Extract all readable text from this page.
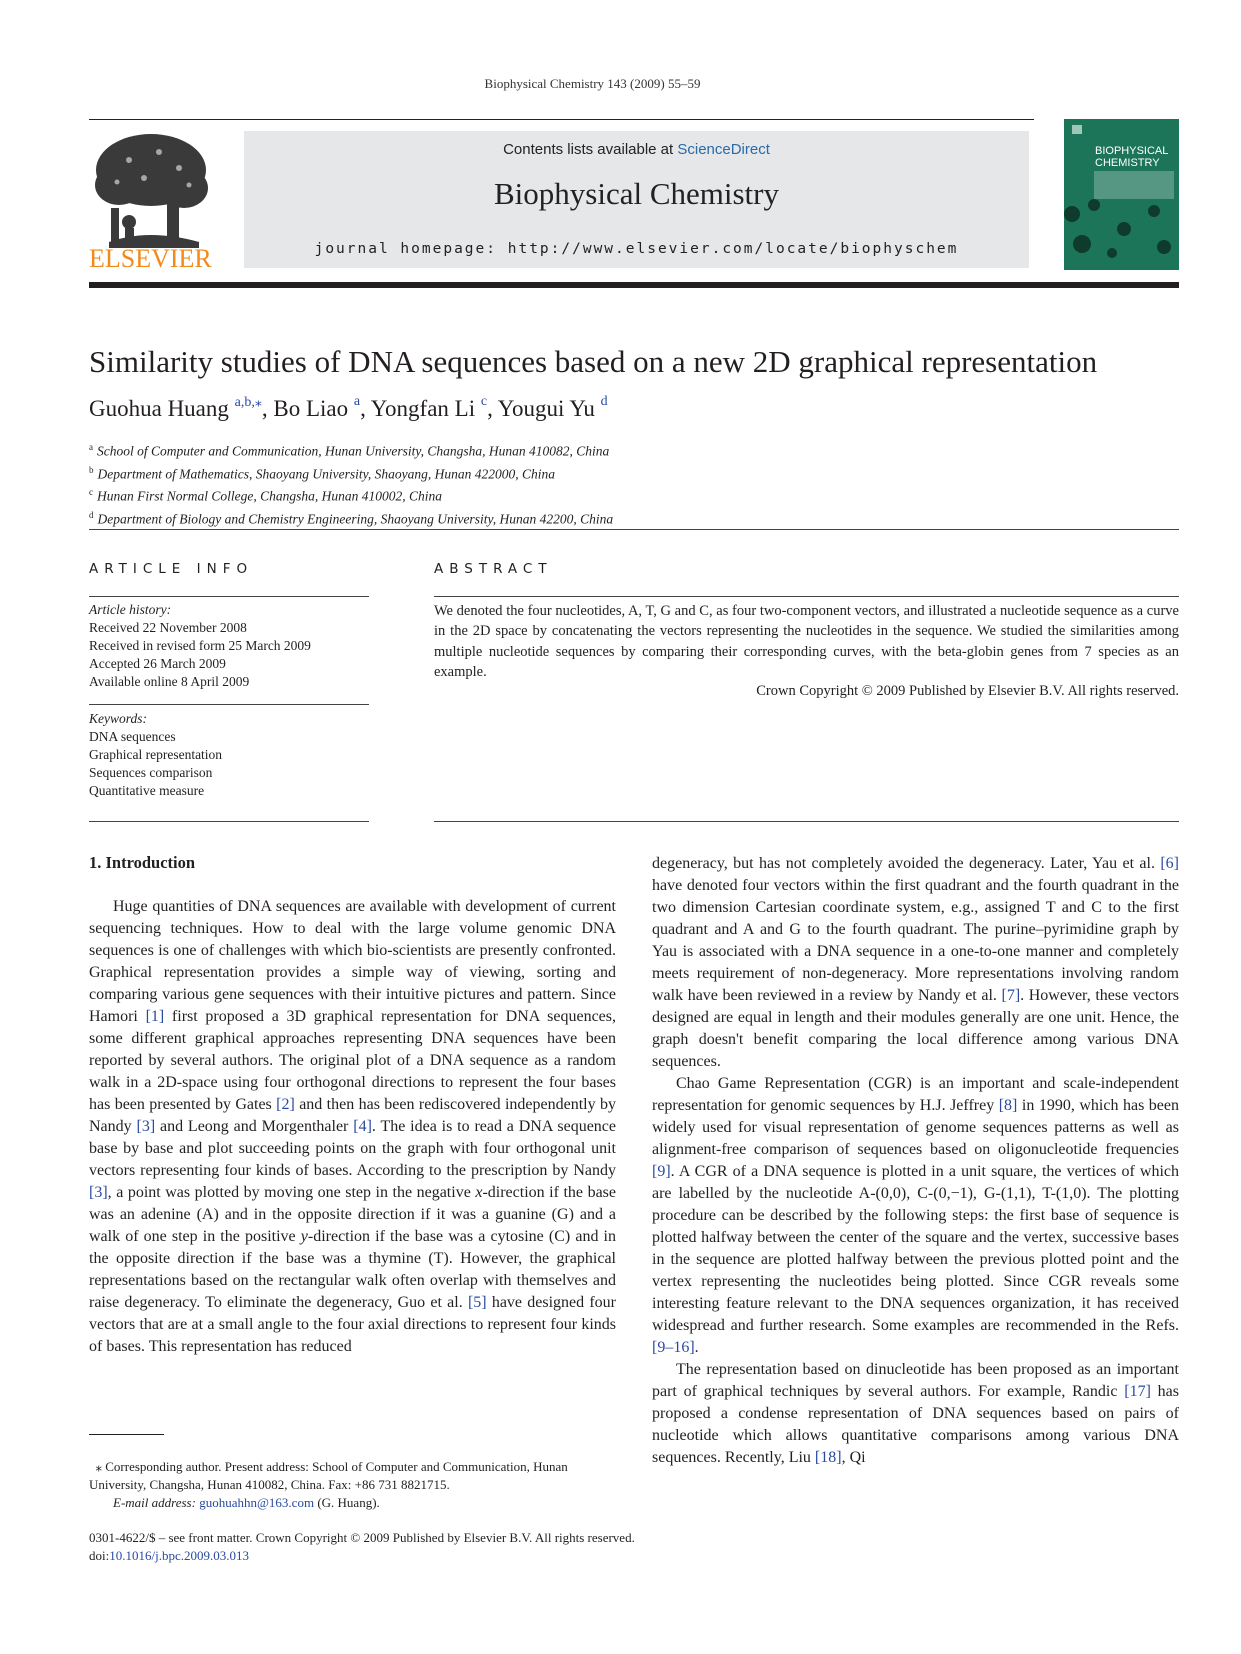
Biophysical Chemistry 143 (2009) 55–59
ELSEVIER
Contents lists available at ScienceDirect
Biophysical Chemistry
journal homepage: http://www.elsevier.com/locate/biophyschem
BIOPHYSICAL
CHEMISTRY
Similarity studies of DNA sequences based on a new 2D graphical representation
Guohua Huang $^{a,b,⁎}$, Bo Liao $^a$, Yongfan Li $^c$, Yougui Yu $^d$
$^a$ School of Computer and Communication, Hunan University, Changsha, Hunan 410082, China
$^b$ Department of Mathematics, Shaoyang University, Shaoyang, Hunan 422000, China
$^c$ Hunan First Normal College, Changsha, Hunan 410002, China
$^d$ Department of Biology and Chemistry Engineering, Shaoyang University, Hunan 42200, China
ARTICLE INFO	ABSTRACT
Article history:
Received 22 November 2008
Received in revised form 25 March 2009
Accepted 26 March 2009
Available online 8 April 2009
Keywords:
DNA sequences
Graphical representation
Sequences comparison
Quantitative measure
We denoted the four nucleotides, A, T, G and C, as four two-component vectors, and illustrated a nucleotide sequence as a curve in the 2D space by concatenating the vectors representing the nucleotides in the sequence. We studied the similarities among multiple nucleotide sequences by comparing their corresponding curves, with the beta-globin genes from 7 species as an example.
Crown Copyright © 2009 Published by Elsevier B.V. All rights reserved.
1. Introduction

Huge quantities of DNA sequences are available with development of current sequencing techniques. How to deal with the large volume genomic DNA sequences is one of challenges with which bio-scientists are presently confronted. Graphical representation provides a simple way of viewing, sorting and comparing various gene sequences with their intuitive pictures and pattern. Since Hamori [1] first proposed a 3D graphical representation for DNA sequences, some different graphical approaches representing DNA sequences have been reported by several authors. The original plot of a DNA sequence as a random walk in a 2D-space using four orthogonal directions to represent the four bases has been presented by Gates [2] and then has been rediscovered independently by Nandy [3] and Leong and Morgenthaler [4]. The idea is to read a DNA sequence base by base and plot succeeding points on the graph with four orthogonal unit vectors representing four kinds of bases. According to the prescription by Nandy [3], a point was plotted by moving one step in the negative x-direction if the base was an adenine (A) and in the opposite direction if it was a guanine (G) and a walk of one step in the positive y-direction if the base was a cytosine (C) and in the opposite direction if the base was a thymine (T). However, the graphical representations based on the rectangular walk often overlap with themselves and raise degeneracy. To eliminate the degeneracy, Guo et al. [5] have designed four vectors that are at a small angle to the four axial directions to represent four kinds of bases. This representation has reduced

degeneracy, but has not completely avoided the degeneracy. Later, Yau et al. [6] have denoted four vectors within the first quadrant and the fourth quadrant in the two dimension Cartesian coordinate system, e.g., assigned T and C to the first quadrant and A and G to the fourth quadrant. The purine–pyrimidine graph by Yau is associated with a DNA sequence in a one-to-one manner and completely meets requirement of non-degeneracy. More representations involving random walk have been reviewed in a review by Nandy et al. [7]. However, these vectors designed are equal in length and their modules generally are one unit. Hence, the graph doesn't benefit comparing the local difference among various DNA sequences.

Chao Game Representation (CGR) is an important and scale-independent representation for genomic sequences by H.J. Jeffrey [8] in 1990, which has been widely used for visual representation of genome sequences patterns as well as alignment-free comparison of sequences based on oligonucleotide frequencies [9]. A CGR of a DNA sequence is plotted in a unit square, the vertices of which are labelled by the nucleotide A-(0,0), C-(0,−1), G-(1,1), T-(1,0). The plotting procedure can be described by the following steps: the first base of sequence is plotted halfway between the center of the square and the vertex, successive bases in the sequence are plotted halfway between the previous plotted point and the vertex representing the nucleotides being plotted. Since CGR reveals some interesting feature relevant to the DNA sequences organization, it has received widespread and further research. Some examples are recommended in the Refs. [9–16].

The representation based on dinucleotide has been proposed as an important part of graphical techniques by several authors. For example, Randic [17] has proposed a condense representation of DNA sequences based on pairs of nucleotide which allows quantitative comparisons among various DNA sequences. Recently, Liu [18], Qi

⁎ Corresponding author. Present address: School of Computer and Communication, Hunan University, Changsha, Hunan 410082, China. Fax: +86 731 8821715.
E-mail address: guohuahhn@163.com (G. Huang).
0301-4622/$ – see front matter. Crown Copyright © 2009 Published by Elsevier B.V. All rights reserved.
doi:10.1016/j.bpc.2009.03.013
